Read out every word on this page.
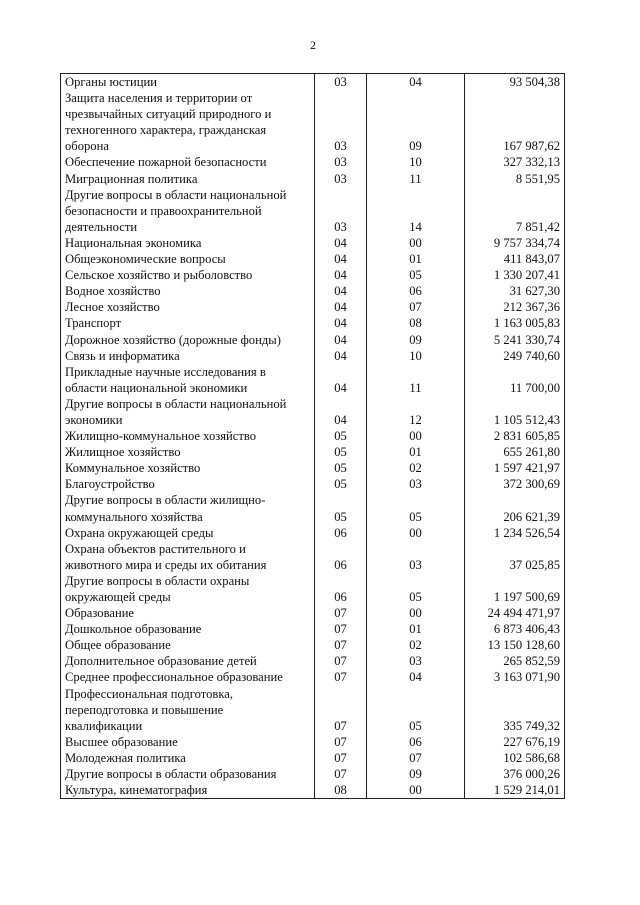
2
Органы юстиции	03	04	93 504,38
Защита населения и территории от
чрезвычайных ситуаций природного и
техногенного характера, гражданская
оборона	03	09	167 987,62
Обеспечение пожарной безопасности	03	10	327 332,13
Миграционная политика	03	11	8 551,95
Другие вопросы в области национальной
безопасности и правоохранительной
деятельности	03	14	7 851,42
Национальная экономика	04	00	9 757 334,74
Общеэкономические вопросы	04	01	411 843,07
Сельское хозяйство и рыболовство	04	05	1 330 207,41
Водное хозяйство	04	06	31 627,30
Лесное хозяйство	04	07	212 367,36
Транспорт	04	08	1 163 005,83
Дорожное хозяйство (дорожные фонды)	04	09	5 241 330,74
Связь и информатика	04	10	249 740,60
Прикладные научные исследования в
области национальной экономики	04	11	11 700,00
Другие вопросы в области национальной
экономики	04	12	1 105 512,43
Жилищно-коммунальное хозяйство	05	00	2 831 605,85
Жилищное хозяйство	05	01	655 261,80
Коммунальное хозяйство	05	02	1 597 421,97
Благоустройство	05	03	372 300,69
Другие вопросы в области жилищно-
коммунального хозяйства	05	05	206 621,39
Охрана окружающей среды	06	00	1 234 526,54
Охрана объектов растительного и
животного мира и среды их обитания	06	03	37 025,85
Другие вопросы в области охраны
окружающей среды	06	05	1 197 500,69
Образование	07	00	24 494 471,97
Дошкольное образование	07	01	6 873 406,43
Общее образование	07	02	13 150 128,60
Дополнительное образование детей	07	03	265 852,59
Среднее профессиональное образование	07	04	3 163 071,90
Профессиональная подготовка,
переподготовка и повышение
квалификации	07	05	335 749,32
Высшее образование	07	06	227 676,19
Молодежная политика	07	07	102 586,68
Другие вопросы в области образования	07	09	376 000,26
Культура, кинематография	08	00	1 529 214,01
